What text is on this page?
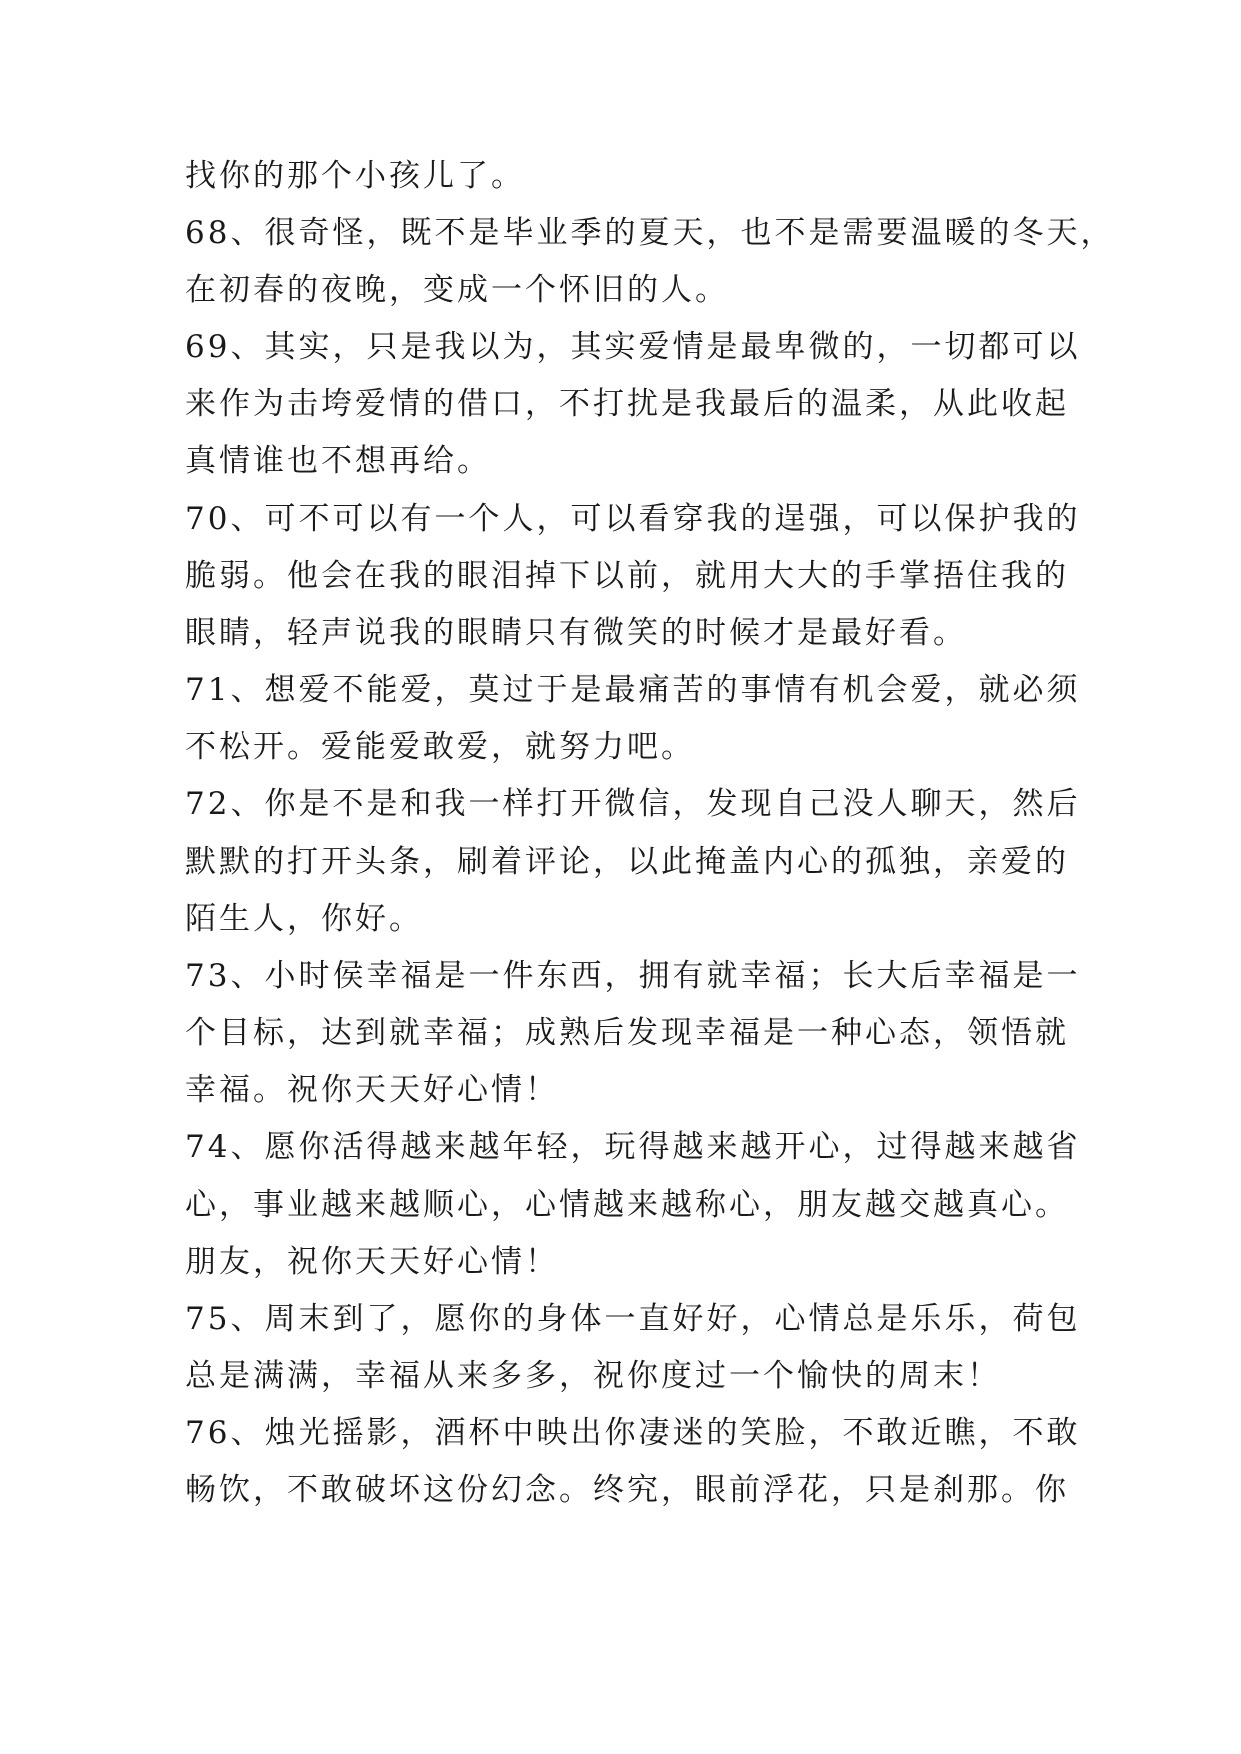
找你的那个小孩儿了。
68、很奇怪，既不是毕业季的夏天，也不是需要温暖的冬天，
在初春的夜晚，变成一个怀旧的人。
69、其实，只是我以为，其实爱情是最卑微的，一切都可以
来作为击垮爱情的借口，不打扰是我最后的温柔，从此收起
真情谁也不想再给。
70、可不可以有一个人，可以看穿我的逞强，可以保护我的
脆弱。他会在我的眼泪掉下以前，就用大大的手掌捂住我的
眼睛，轻声说我的眼睛只有微笑的时候才是最好看。
71、想爱不能爱，莫过于是最痛苦的事情有机会爱，就必须
不松开。爱能爱敢爱，就努力吧。
72、你是不是和我一样打开微信，发现自己没人聊天，然后
默默的打开头条，刷着评论，以此掩盖内心的孤独，亲爱的
陌生人，你好。
73、小时侯幸福是一件东西，拥有就幸福；长大后幸福是一
个目标，达到就幸福；成熟后发现幸福是一种心态，领悟就
幸福。祝你天天好心情！
74、愿你活得越来越年轻，玩得越来越开心，过得越来越省
心，事业越来越顺心，心情越来越称心，朋友越交越真心。
朋友，祝你天天好心情！
75、周末到了，愿你的身体一直好好，心情总是乐乐，荷包
总是满满，幸福从来多多，祝你度过一个愉快的周末！
76、烛光摇影，酒杯中映出你凄迷的笑脸，不敢近瞧，不敢
畅饮，不敢破坏这份幻念。终究，眼前浮花，只是刹那。你
